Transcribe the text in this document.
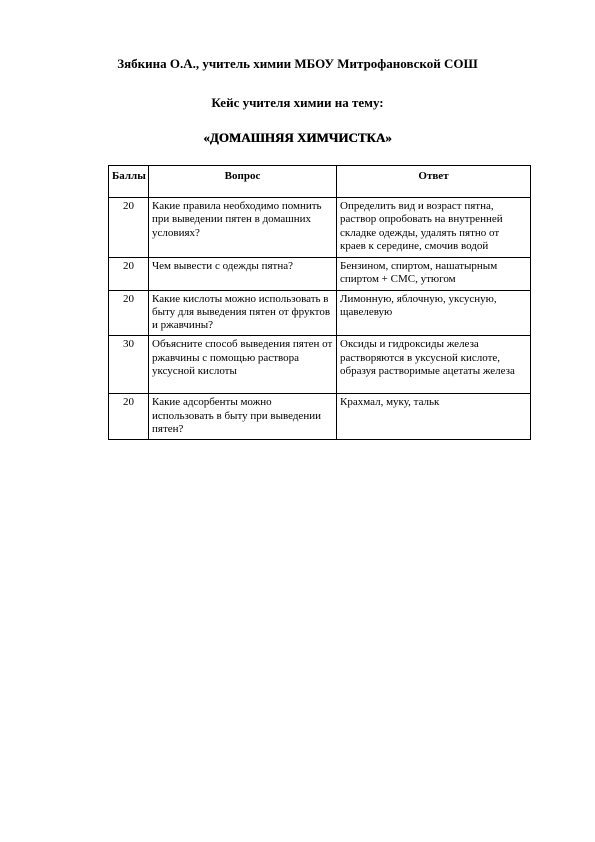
Зябкина О.А., учитель химии МБОУ Митрофановской СОШ
Кейс учителя химии на тему:
«ДОМАШНЯЯ ХИМЧИСТКА»
Баллы	Вопрос	Ответ
20	Какие правила необходимо помнить при выведении пятен в домашних условиях?	Определить вид и возраст пятна, раствор опробовать на внутренней складке одежды, удалять пятно от краев к середине, смочив водой
20	Чем вывести с одежды пятна?	Бензином, спиртом, нашатырным спиртом + СМС, утюгом
20	Какие кислоты можно использовать в быту для выведения пятен от фруктов и ржавчины?	Лимонную, яблочную, уксусную, щавелевую
30	Объясните способ выведения пятен от ржавчины с помощью раствора уксусной кислоты	Оксиды и гидроксиды железа растворяются в уксусной кислоте, образуя растворимые ацетаты железа
20	Какие адсорбенты можно использовать в быту при выведении пятен?	Крахмал, муку, тальк
